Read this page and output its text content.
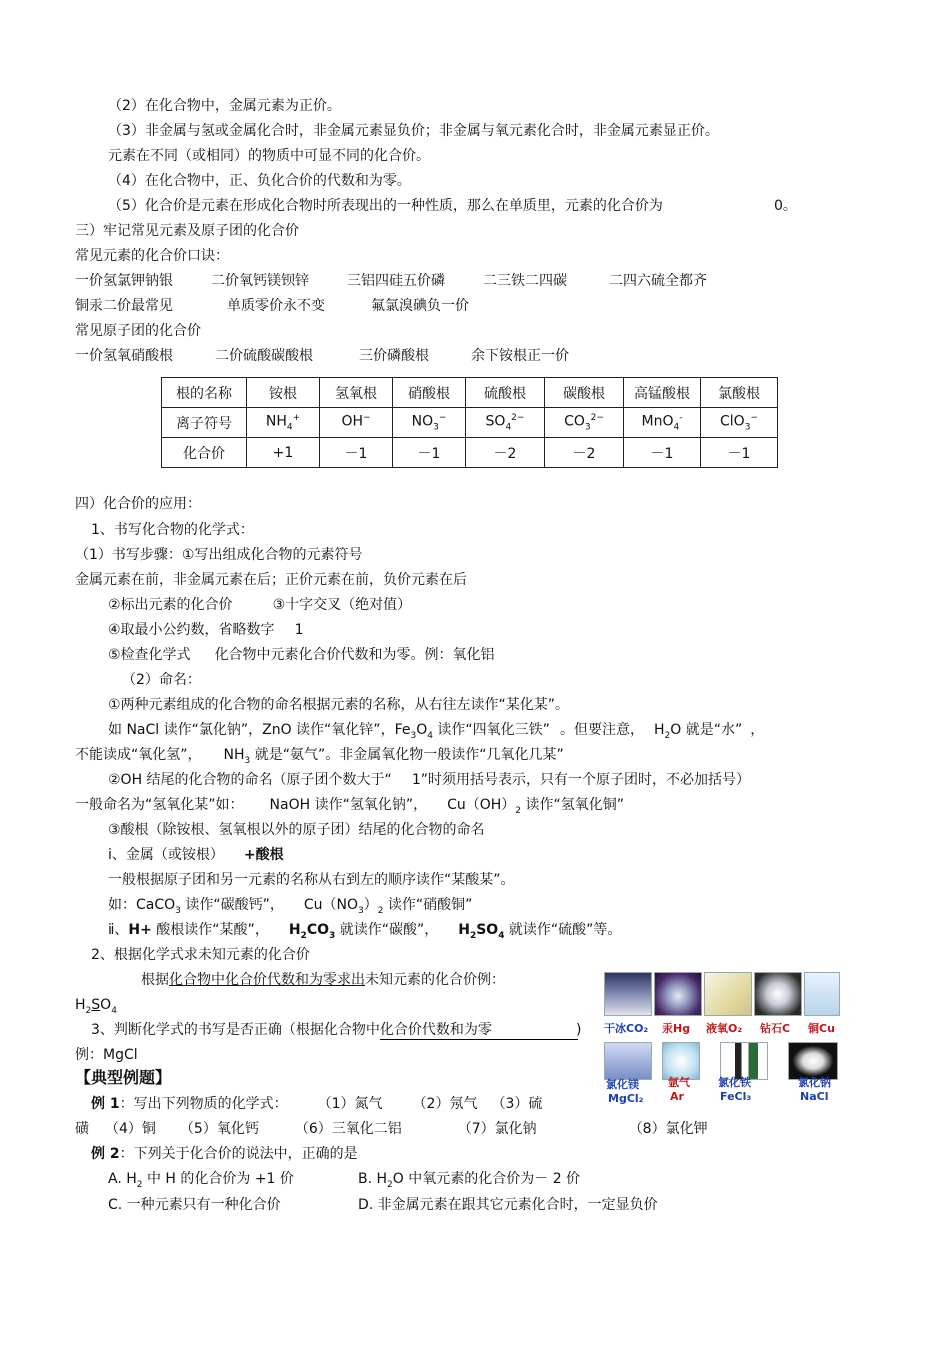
（2）在化合物中，金属元素为正价。
（3）非金属与氢或金属化合时，非金属元素显负价；非金属与氧元素化合时，非金属元素显正价。
元素在不同（或相同）的物质中可显不同的化合价。
（4）在化合物中，正、负化合价的代数和为零。
（5）化合价是元素在形成化合物时所表现出的一种性质，那么在单质里，元素的化合价为	0。
三）牢记常见元素及原子团的化合价
常见元素的化合价口诀：
一价氢氯钾钠银	二价氧钙镁钡锌	三铝四硅五价磷	二三铁二四碳	二四六硫全都齐
铜汞二价最常见	单质零价永不变	氟氯溴碘负一价
常见原子团的化合价
一价氢氧硝酸根	二价硫酸碳酸根	三价磷酸根	余下铵根正一价
根的名称	铵根	氢氧根	硝酸根	硫酸根	碳酸根	高锰酸根	氯酸根
离子符号	$NH_4^+$	OH−	$NO_3^-$	$SO_4^{2-}$	$CO_3^{2-}$	MnO$_4$-	ClO$_3$−
化合价	+1	－1	－1	－2	－2	－1	－1
四）化合价的应用：
1、书写化合物的化学式：
（1）书写步骤：①写出组成化合物的元素符号
金属元素在前，非金属元素在后；正价元素在前，负价元素在后
②标出元素的化合价	③十字交叉（绝对值）
④取最小公约数，省略数字 1
⑤检查化学式 化合物中元素化合价代数和为零。例：氧化铝
（2）命名：
①两种元素组成的化合物的命名根据元素的名称，从右往左读作“某化某”。
如 NaCl 读作“氯化钠”，ZnO 读作“氧化锌”，$Fe_3O_4$ 读作“四氧化三铁” 。但要注意， $H_2O$ 就是“水” ，
不能读成“氧化氢”， $NH_3$ 就是“氨气”。非金属氧化物一般读作“几氧化几某”
②OH 结尾的化合物的命名（原子团个数大于“ 1”时须用括号表示，只有一个原子团时，不必加括号）
一般命名为“氢氧化某”如： NaOH 读作“氢氧化钠”， $Cu(OH)_2$ 读作“氢氧化铜”
③酸根（除铵根、氢氧根以外的原子团）结尾的化合物的命名
ⅰ、金属（或铵根） +酸根
一般根据原子团和另一元素的名称从右到左的顺序读作“某酸某”。
如：CaCO$_3$ 读作“碳酸钙”， $Cu(NO_3)_2$ 读作“硝酸铜”
ⅱ、H+ 酸根读作“某酸”， $H_2CO_3$ 就读作“碳酸”， $H_2SO_4$ 就读作“硫酸”等。
2、根据化学式求未知元素的化合价
根据化合物中化合价代数和为零求出未知元素的化合价例：
$H_2SO_4$
3、判断化学式的书写是否正确（根据化合物中化合价代数和为零	)
例：MgCl
【典型例题】
例 1：写出下列物质的化学式： （1）氮气 （2）氖气 （3）硫
磺 （4）铜 （5）氧化钙	（6）三氧化二铝	（7）氯化钠	（8）氯化钾
例 2：下列关于化合价的说法中，正确的是
A. $H_2$ 中 H 的化合价为 +1 价	B. $H_2O$ 中氧元素的化合价为－ 2 价
C. 一种元素只有一种化合价	D. 非金属元素在跟其它元素化合时，一定显负价
干冰CO₂ 汞Hg 液氧O₂ 钻石C 铜Cu
氯化镁
MgCl₂
氩气
Ar
氯化铁
FeCl₃
氯化钠
NaCl
